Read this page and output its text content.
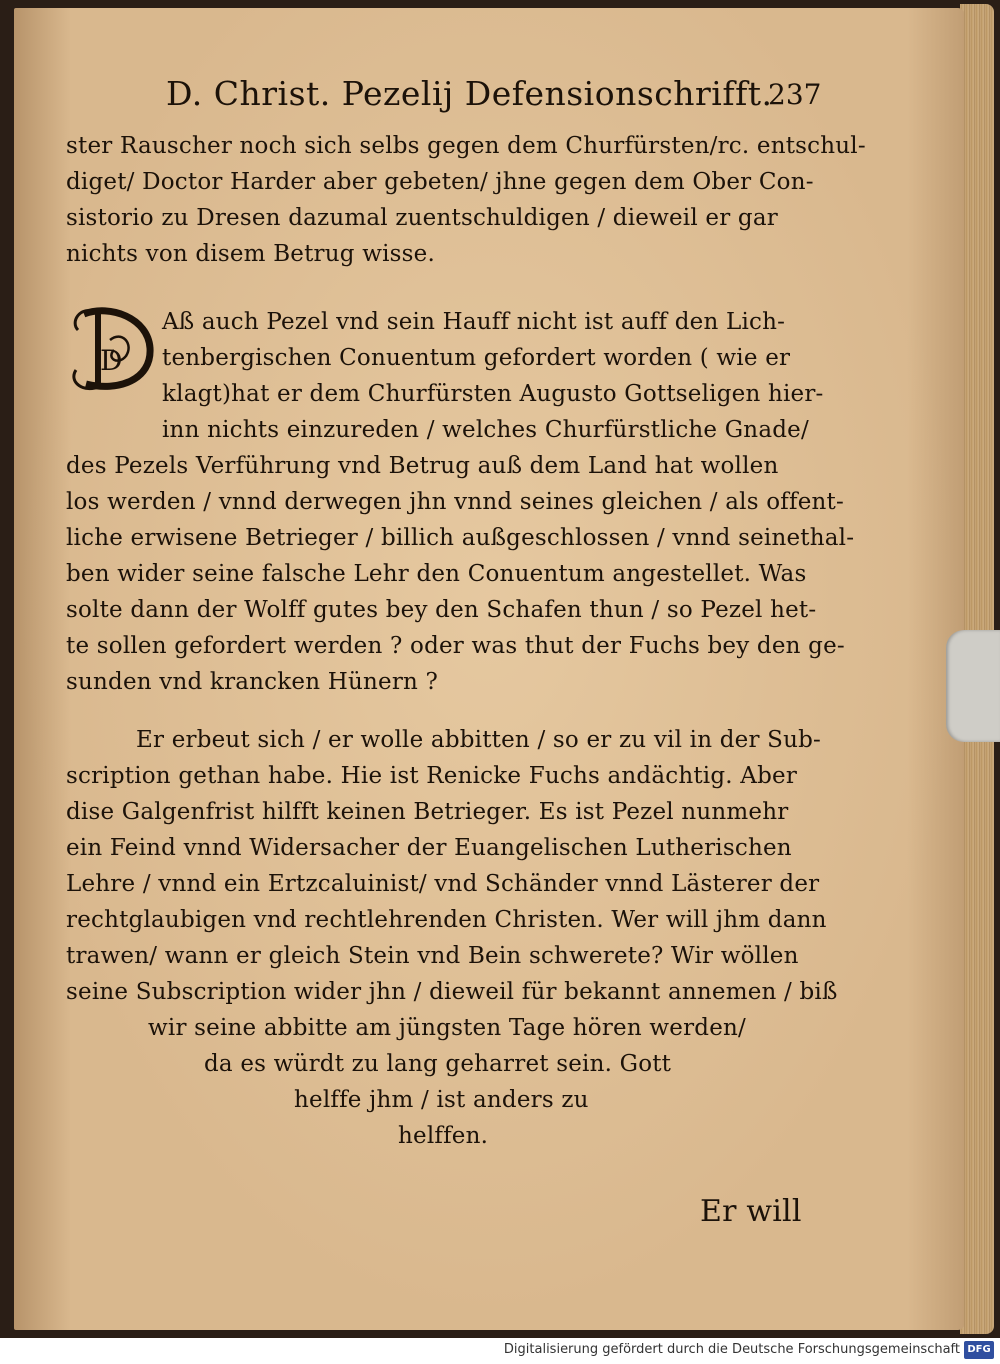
D. Christ. Pezelij Defensionschrifft.
237
ster Rauscher noch sich selbs gegen dem Churfürsten/rc. entschul-
diget/ Doctor Harder aber gebeten/ jhne gegen dem Ober Con-
sistorio zu Dresen dazumal zuentschuldigen / dieweil er gar
nichts von disem Betrug wisse.
D
Aß auch Pezel vnd sein Hauff nicht ist auff den Lich-
tenbergischen Conuentum gefordert worden ( wie er
klagt)hat er dem Churfürsten Augusto Gottseligen hier-
inn nichts einzureden / welches Churfürstliche Gnade/
des Pezels Verführung vnd Betrug auß dem Land hat wollen
los werden / vnnd derwegen jhn vnnd seines gleichen / als offent-
liche erwisene Betrieger / billich außgeschlossen / vnnd seinethal-
ben wider seine falsche Lehr den Conuentum angestellet. Was
solte dann der Wolff gutes bey den Schafen thun / so Pezel het-
te sollen gefordert werden ? oder was thut der Fuchs bey den ge-
sunden vnd krancken Hünern ?
Er erbeut sich / er wolle abbitten / so er zu vil in der Sub-
scription gethan habe. Hie ist Renicke Fuchs andächtig. Aber
dise Galgenfrist hilfft keinen Betrieger. Es ist Pezel nunmehr
ein Feind vnnd Widersacher der Euangelischen Lutherischen
Lehre / vnnd ein Ertzcaluinist/ vnd Schänder vnnd Lästerer der
rechtglaubigen vnd rechtlehrenden Christen. Wer will jhm dann
trawen/ wann er gleich Stein vnd Bein schwerete? Wir wöllen
seine Subscription wider jhn / dieweil für bekannt annemen / biß
wir seine abbitte am jüngsten Tage hören werden/
da es würdt zu lang geharret sein. Gott
helffe jhm / ist anders zu
helffen.
Er will
Digitalisierung gefördert durch die Deutsche Forschungsgemeinschaft DFG
